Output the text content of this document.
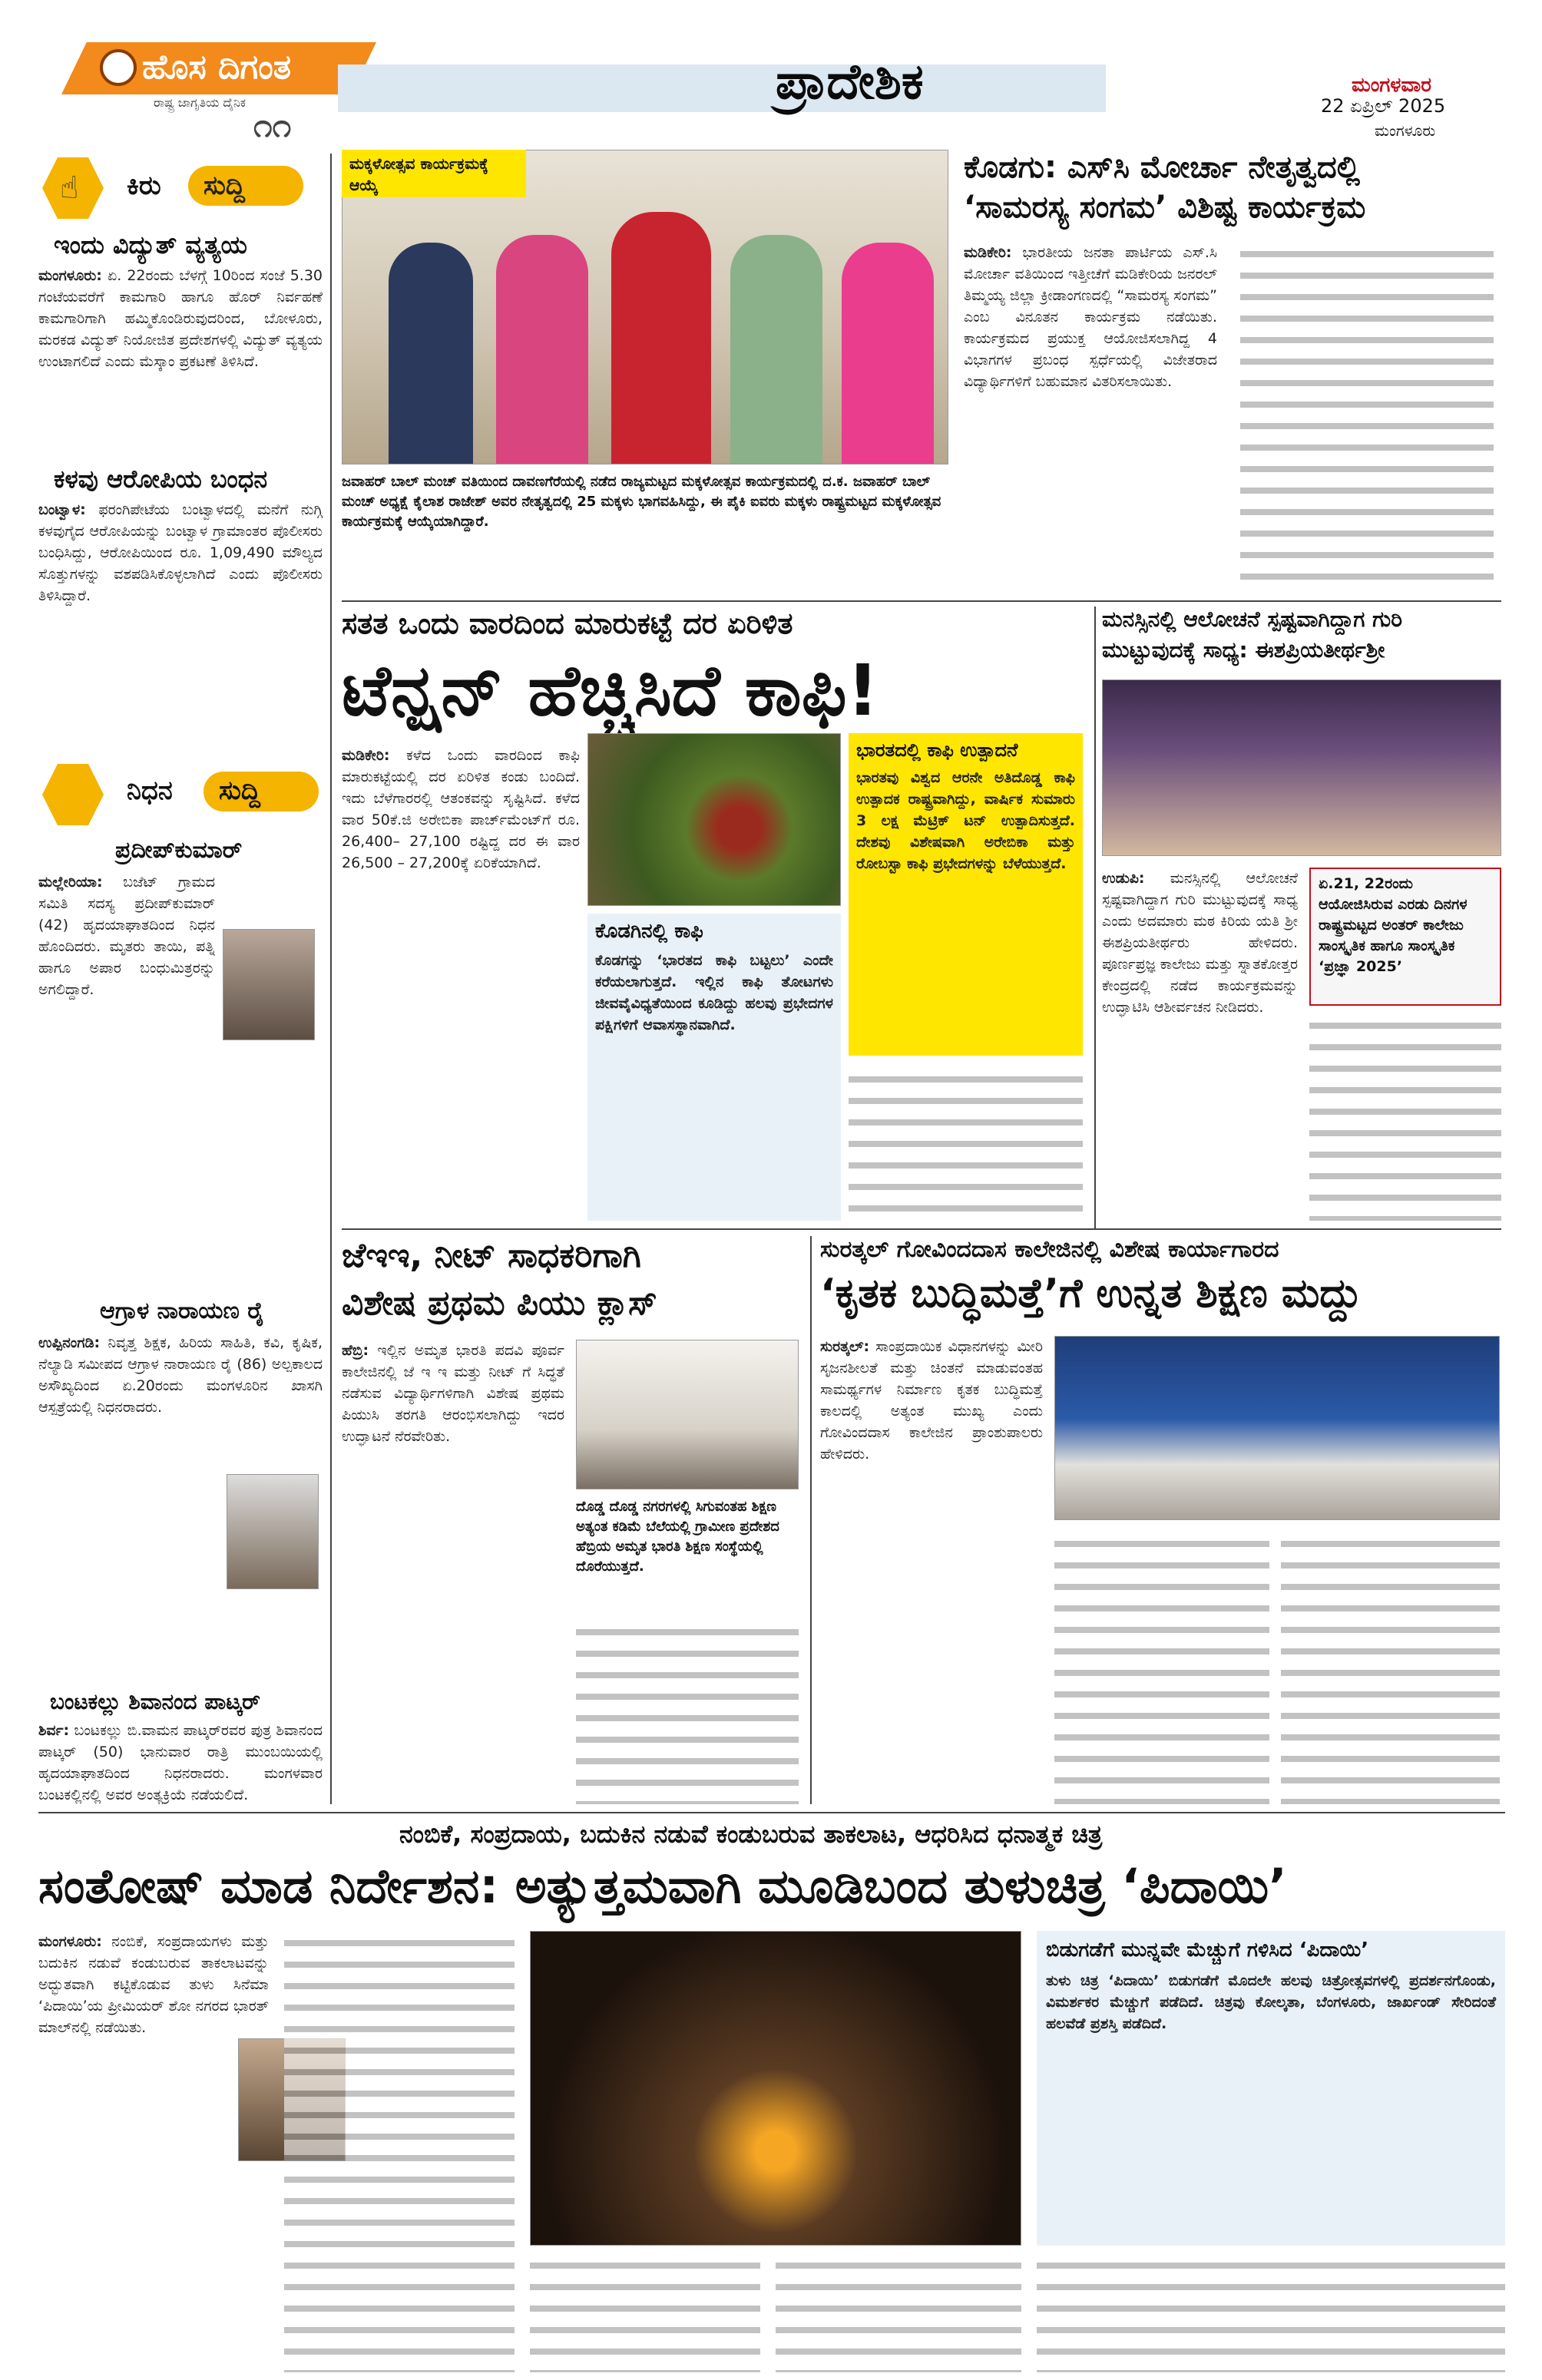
ಹೊಸ ದಿಗಂತ
ರಾಷ್ಟ್ರ ಜಾಗೃತಿಯ ದೈನಿಕ
೧೧
ಪ್ರಾದೇಶಿಕ	ಮಂಗಳವಾರ
22 ಏಪ್ರಿಲ್ 2025
ಮಂಗಳೂರು
☝ ಕಿರು ಸುದ್ದಿ
ಇಂದು ವಿದ್ಯುತ್ ವ್ಯತ್ಯಯ
ಮಂಗಳೂರು: ಏ. 22ರಂದು ಬೆಳಗ್ಗೆ 10ರಿಂದ ಸಂಜೆ 5.30 ಗಂಟೆಯವರೆಗೆ ಕಾಮಗಾರಿ ಹಾಗೂ ಹೊರ್ ನಿರ್ವಹಣೆ ಕಾಮಗಾರಿಗಾಗಿ ಹಮ್ಮಿಕೊಂಡಿರುವುದರಿಂದ, ಬೋಳೂರು, ಮರಕಡ ವಿದ್ಯುತ್ ನಿಯೋಜಿತ ಪ್ರದೇಶಗಳಲ್ಲಿ ವಿದ್ಯುತ್ ವ್ಯತ್ಯಯ ಉಂಟಾಗಲಿದೆ ಎಂದು ಮೆಸ್ಕಾಂ ಪ್ರಕಟಣೆ ತಿಳಿಸಿದೆ.
ಕಳವು ಆರೋಪಿಯ ಬಂಧನ
ಬಂಟ್ವಾಳ: ಫರಂಗಿಪೇಟೆಯ ಬಂಟ್ವಾಳದಲ್ಲಿ ಮನೆಗೆ ನುಗ್ಗಿ ಕಳವುಗೈದ ಆರೋಪಿಯನ್ನು ಬಂಟ್ವಾಳ ಗ್ರಾಮಾಂತರ ಪೊಲೀಸರು ಬಂಧಿಸಿದ್ದು, ಆರೋಪಿಯಿಂದ ರೂ. 1,09,490 ಮೌಲ್ಯದ ಸೊತ್ತುಗಳನ್ನು ವಶಪಡಿಸಿಕೊಳ್ಳಲಾಗಿದೆ ಎಂದು ಪೊಲೀಸರು ತಿಳಿಸಿದ್ದಾರೆ.
ನಿಧನ ಸುದ್ದಿ
ಪ್ರದೀಪ್‌ಕುಮಾರ್
ಮಲ್ಲೇರಿಯಾ: ಬಜೆಟ್ ಗ್ರಾಮದ ಸಮಿತಿ ಸದಸ್ಯ ಪ್ರದೀಪ್‌ಕುಮಾರ್ (42) ಹೃದಯಾಘಾತದಿಂದ ನಿಧನ ಹೊಂದಿದರು. ಮೃತರು ತಾಯಿ, ಪತ್ನಿ ಹಾಗೂ ಅಪಾರ ಬಂಧುಮಿತ್ರರನ್ನು ಅಗಲಿದ್ದಾರೆ.
ಆಗ್ರಾಳ ನಾರಾಯಣ ರೈ
ಉಪ್ಪಿನಂಗಡಿ: ನಿವೃತ್ತ ಶಿಕ್ಷಕ, ಹಿರಿಯ ಸಾಹಿತಿ, ಕವಿ, ಕೃಷಿಕ, ನೆಲ್ಯಾಡಿ ಸಮೀಪದ ಆಗ್ರಾಳ ನಾರಾಯಣ ರೈ (86) ಅಲ್ಪಕಾಲದ ಅಸೌಖ್ಯದಿಂದ ಏ.20ರಂದು ಮಂಗಳೂರಿನ ಖಾಸಗಿ ಆಸ್ಪತ್ರೆಯಲ್ಲಿ ನಿಧನರಾದರು.
ಬಂಟಕಲ್ಲು ಶಿವಾನಂದ ಪಾಟ್ಕರ್
ಶಿರ್ವ: ಬಂಟಕಲ್ಲು ಬಿ.ವಾಮನ ಪಾಟ್ಕರ್‌ರವರ ಪುತ್ರ ಶಿವಾನಂದ ಪಾಟ್ಕರ್ (50) ಭಾನುವಾರ ರಾತ್ರಿ ಮುಂಬಯಿಯಲ್ಲಿ ಹೃದಯಾಘಾತದಿಂದ ನಿಧನರಾದರು. ಮಂಗಳವಾರ ಬಂಟಕಲ್ಲಿನಲ್ಲಿ ಅವರ ಅಂತ್ಯಕ್ರಿಯೆ ನಡೆಯಲಿದೆ.
ಮಕ್ಕಳೋತ್ಸವ ಕಾರ್ಯಕ್ರಮಕ್ಕೆ ಆಯ್ಕೆ
ಜವಾಹರ್ ಬಾಲ್ ಮಂಚ್ ವತಿಯಿಂದ ದಾವಣಗೆರೆಯಲ್ಲಿ ನಡೆದ ರಾಜ್ಯಮಟ್ಟದ ಮಕ್ಕಳೋತ್ಸವ ಕಾರ್ಯಕ್ರಮದಲ್ಲಿ ದ.ಕ. ಜವಾಹರ್ ಬಾಲ್ ಮಂಚ್ ಅಧ್ಯಕ್ಷೆ ಕೈಲಾಶ ರಾಜೇಶ್ ಅವರ ನೇತೃತ್ವದಲ್ಲಿ 25 ಮಕ್ಕಳು ಭಾಗವಹಿಸಿದ್ದು, ಈ ಪೈಕಿ ಐವರು ಮಕ್ಕಳು ರಾಷ್ಟ್ರಮಟ್ಟದ ಮಕ್ಕಳೋತ್ಸವ ಕಾರ್ಯಕ್ರಮಕ್ಕೆ ಆಯ್ಕೆಯಾಗಿದ್ದಾರೆ.
ಕೊಡಗು: ಎಸ್‌ಸಿ ಮೋರ್ಚಾ ನೇತೃತ್ವದಲ್ಲಿ
‘ಸಾಮರಸ್ಯ ಸಂಗಮ’ ವಿಶಿಷ್ಟ ಕಾರ್ಯಕ್ರಮ
ಮಡಿಕೇರಿ: ಭಾರತೀಯ ಜನತಾ ಪಾರ್ಟಿಯ ಎಸ್.ಸಿ ಮೋರ್ಚಾ ವತಿಯಿಂದ ಇತ್ತೀಚೆಗೆ ಮಡಿಕೇರಿಯ ಜನರಲ್ ತಿಮ್ಮಯ್ಯ ಜಿಲ್ಲಾ ಕ್ರೀಡಾಂಗಣದಲ್ಲಿ “ಸಾಮರಸ್ಯ ಸಂಗಮ” ಎಂಬ ವಿನೂತನ ಕಾರ್ಯಕ್ರಮ ನಡೆಯಿತು. ಕಾರ್ಯಕ್ರಮದ ಪ್ರಯುಕ್ತ ಆಯೋಜಿಸಲಾಗಿದ್ದ 4 ವಿಭಾಗಗಳ ಪ್ರಬಂಧ ಸ್ಪರ್ಧೆಯಲ್ಲಿ ವಿಜೇತರಾದ ವಿದ್ಯಾರ್ಥಿಗಳಿಗೆ ಬಹುಮಾನ ವಿತರಿಸಲಾಯಿತು.
ಸತತ ಒಂದು ವಾರದಿಂದ ಮಾರುಕಟ್ಟೆ ದರ ಏರಿಳಿತ
ಟೆನ್ಷನ್ ಹೆಚ್ಚಿಸಿದೆ ಕಾಫಿ!
ಮಡಿಕೇರಿ: ಕಳೆದ ಒಂದು ವಾರದಿಂದ ಕಾಫಿ ಮಾರುಕಟ್ಟೆಯಲ್ಲಿ ದರ ಏರಿಳಿತ ಕಂಡು ಬಂದಿದೆ. ಇದು ಬೆಳೆಗಾರರಲ್ಲಿ ಆತಂಕವನ್ನು ಸೃಷ್ಟಿಸಿದೆ. ಕಳೆದ ವಾರ 50ಕೆ.ಜಿ ಅರೇಬಿಕಾ ಪಾರ್ಚ್‌ಮೆಂಟ್‌ಗೆ ರೂ. 26,400– 27,100 ರಷ್ಟಿದ್ದ ದರ ಈ ವಾರ 26,500 – 27,200ಕ್ಕೆ ಏರಿಕೆಯಾಗಿದೆ.
ಕೊಡಗಿನಲ್ಲಿ ಕಾಫಿ
ಕೊಡಗನ್ನು ‘ಭಾರತದ ಕಾಫಿ ಬಟ್ಟಲು’ ಎಂದೇ ಕರೆಯಲಾಗುತ್ತದೆ. ಇಲ್ಲಿನ ಕಾಫಿ ತೋಟಗಳು ಜೀವವೈವಿಧ್ಯತೆಯಿಂದ ಕೂಡಿದ್ದು ಹಲವು ಪ್ರಭೇದಗಳ ಪಕ್ಷಿಗಳಿಗೆ ಆವಾಸಸ್ಥಾನವಾಗಿದೆ.
ಭಾರತದಲ್ಲಿ ಕಾಫಿ ಉತ್ಪಾದನೆ
ಭಾರತವು ವಿಶ್ವದ ಆರನೇ ಅತಿದೊಡ್ಡ ಕಾಫಿ ಉತ್ಪಾದಕ ರಾಷ್ಟ್ರವಾಗಿದ್ದು, ವಾರ್ಷಿಕ ಸುಮಾರು 3 ಲಕ್ಷ ಮೆಟ್ರಿಕ್ ಟನ್ ಉತ್ಪಾದಿಸುತ್ತದೆ. ದೇಶವು ವಿಶೇಷವಾಗಿ ಅರೇಬಿಕಾ ಮತ್ತು ರೋಬಸ್ಟಾ ಕಾಫಿ ಪ್ರಭೇದಗಳನ್ನು ಬೆಳೆಯುತ್ತದೆ.
ಮನಸ್ಸಿನಲ್ಲಿ ಆಲೋಚನೆ ಸ್ಪಷ್ಟವಾಗಿದ್ದಾಗ ಗುರಿ
ಮುಟ್ಟುವುದಕ್ಕೆ ಸಾಧ್ಯ: ಈಶಪ್ರಿಯತೀರ್ಥಶ್ರೀ
ಉಡುಪಿ: ಮನಸ್ಸಿನಲ್ಲಿ ಆಲೋಚನೆ ಸ್ಪಷ್ಟವಾಗಿದ್ದಾಗ ಗುರಿ ಮುಟ್ಟುವುದಕ್ಕೆ ಸಾಧ್ಯ ಎಂದು ಅದಮಾರು ಮಠ ಕಿರಿಯ ಯತಿ ಶ್ರೀ ಈಶಪ್ರಿಯತೀರ್ಥರು ಹೇಳಿದರು. ಪೂರ್ಣಪ್ರಜ್ಞ ಕಾಲೇಜು ಮತ್ತು ಸ್ನಾತಕೋತ್ತರ ಕೇಂದ್ರದಲ್ಲಿ ನಡೆದ ಕಾರ್ಯಕ್ರಮವನ್ನು ಉದ್ಘಾಟಿಸಿ ಆಶೀರ್ವಚನ ನೀಡಿದರು.
ಏ.21, 22ರಂದು ಆಯೋಜಿಸಿರುವ ಎರಡು ದಿನಗಳ ರಾಷ್ಟ್ರಮಟ್ಟದ ಅಂತರ್ ಕಾಲೇಜು ಸಾಂಸ್ಕೃತಿಕ ಹಾಗೂ ಸಾಂಸ್ಕೃತಿಕ ‘ಪ್ರಜ್ಞಾ 2025’
ಜೆಇಇ, ನೀಟ್ ಸಾಧಕರಿಗಾಗಿ
ವಿಶೇಷ ಪ್ರಥಮ ಪಿಯು ಕ್ಲಾಸ್
ಹೆಬ್ರಿ: ಇಲ್ಲಿನ ಅಮೃತ ಭಾರತಿ ಪದವಿ ಪೂರ್ವ ಕಾಲೇಜಿನಲ್ಲಿ ಜೆ ಇ ಇ ಮತ್ತು ನೀಟ್ ಗೆ ಸಿದ್ಧತೆ ನಡೆಸುವ ವಿದ್ಯಾರ್ಥಿಗಳಿಗಾಗಿ ವಿಶೇಷ ಪ್ರಥಮ ಪಿಯುಸಿ ತರಗತಿ ಆರಂಭಿಸಲಾಗಿದ್ದು ಇದರ ಉದ್ಘಾಟನೆ ನೆರವೇರಿತು.
ದೊಡ್ಡ ದೊಡ್ಡ ನಗರಗಳಲ್ಲಿ ಸಿಗುವಂತಹ ಶಿಕ್ಷಣ ಅತ್ಯಂತ ಕಡಿಮೆ ಬೆಲೆಯಲ್ಲಿ ಗ್ರಾಮೀಣ ಪ್ರದೇಶದ ಹೆಬ್ರಿಯ ಅಮೃತ ಭಾರತಿ ಶಿಕ್ಷಣ ಸಂಸ್ಥೆಯಲ್ಲಿ ದೊರೆಯುತ್ತದೆ.
ಸುರತ್ಕಲ್ ಗೋವಿಂದದಾಸ ಕಾಲೇಜಿನಲ್ಲಿ ವಿಶೇಷ ಕಾರ್ಯಾಗಾರದ
‘ಕೃತಕ ಬುದ್ಧಿಮತ್ತೆ’ಗೆ ಉನ್ನತ ಶಿಕ್ಷಣ ಮದ್ದು
ಸುರತ್ಕಲ್: ಸಾಂಪ್ರದಾಯಿಕ ವಿಧಾನಗಳನ್ನು ಮೀರಿ ಸೃಜನಶೀಲತೆ ಮತ್ತು ಚಿಂತನೆ ಮಾಡುವಂತಹ ಸಾಮರ್ಥ್ಯಗಳ ನಿರ್ಮಾಣ ಕೃತಕ ಬುದ್ಧಿಮತ್ತೆ ಕಾಲದಲ್ಲಿ ಅತ್ಯಂತ ಮುಖ್ಯ ಎಂದು ಗೋವಿಂದದಾಸ ಕಾಲೇಜಿನ ಪ್ರಾಂಶುಪಾಲರು ಹೇಳಿದರು.
ನಂಬಿಕೆ, ಸಂಪ್ರದಾಯ, ಬದುಕಿನ ನಡುವೆ ಕಂಡುಬರುವ ತಾಕಲಾಟ, ಆಧರಿಸಿದ ಧನಾತ್ಮಕ ಚಿತ್ರ
ಸಂತೋಷ್ ಮಾಡ ನಿರ್ದೇಶನ: ಅತ್ಯುತ್ತಮವಾಗಿ ಮೂಡಿಬಂದ ತುಳುಚಿತ್ರ ‘ಪಿದಾಯಿ’
ಮಂಗಳೂರು: ನಂಬಿಕೆ, ಸಂಪ್ರದಾಯಗಳು ಮತ್ತು ಬದುಕಿನ ನಡುವೆ ಕಂಡುಬರುವ ತಾಕಲಾಟವನ್ನು ಅದ್ಭುತವಾಗಿ ಕಟ್ಟಿಕೊಡುವ ತುಳು ಸಿನೆಮಾ ‘ಪಿದಾಯಿ’ಯ ಪ್ರೀಮಿಯರ್ ಶೋ ನಗರದ ಭಾರತ್ ಮಾಲ್‌ನಲ್ಲಿ ನಡೆಯಿತು.
ಬಿಡುಗಡೆಗೆ ಮುನ್ನವೇ ಮೆಚ್ಚುಗೆ ಗಳಿಸಿದ ‘ಪಿದಾಯಿ’
ತುಳು ಚಿತ್ರ ‘ಪಿದಾಯಿ’ ಬಿಡುಗಡೆಗೆ ಮೊದಲೇ ಹಲವು ಚಿತ್ರೋತ್ಸವಗಳಲ್ಲಿ ಪ್ರದರ್ಶನಗೊಂಡು, ವಿಮರ್ಶಕರ ಮೆಚ್ಚುಗೆ ಪಡೆದಿದೆ. ಚಿತ್ರವು ಕೋಲ್ಕತಾ, ಬೆಂಗಳೂರು, ಜಾರ್ಖಂಡ್ ಸೇರಿದಂತೆ ಹಲವೆಡೆ ಪ್ರಶಸ್ತಿ ಪಡೆದಿದೆ.
